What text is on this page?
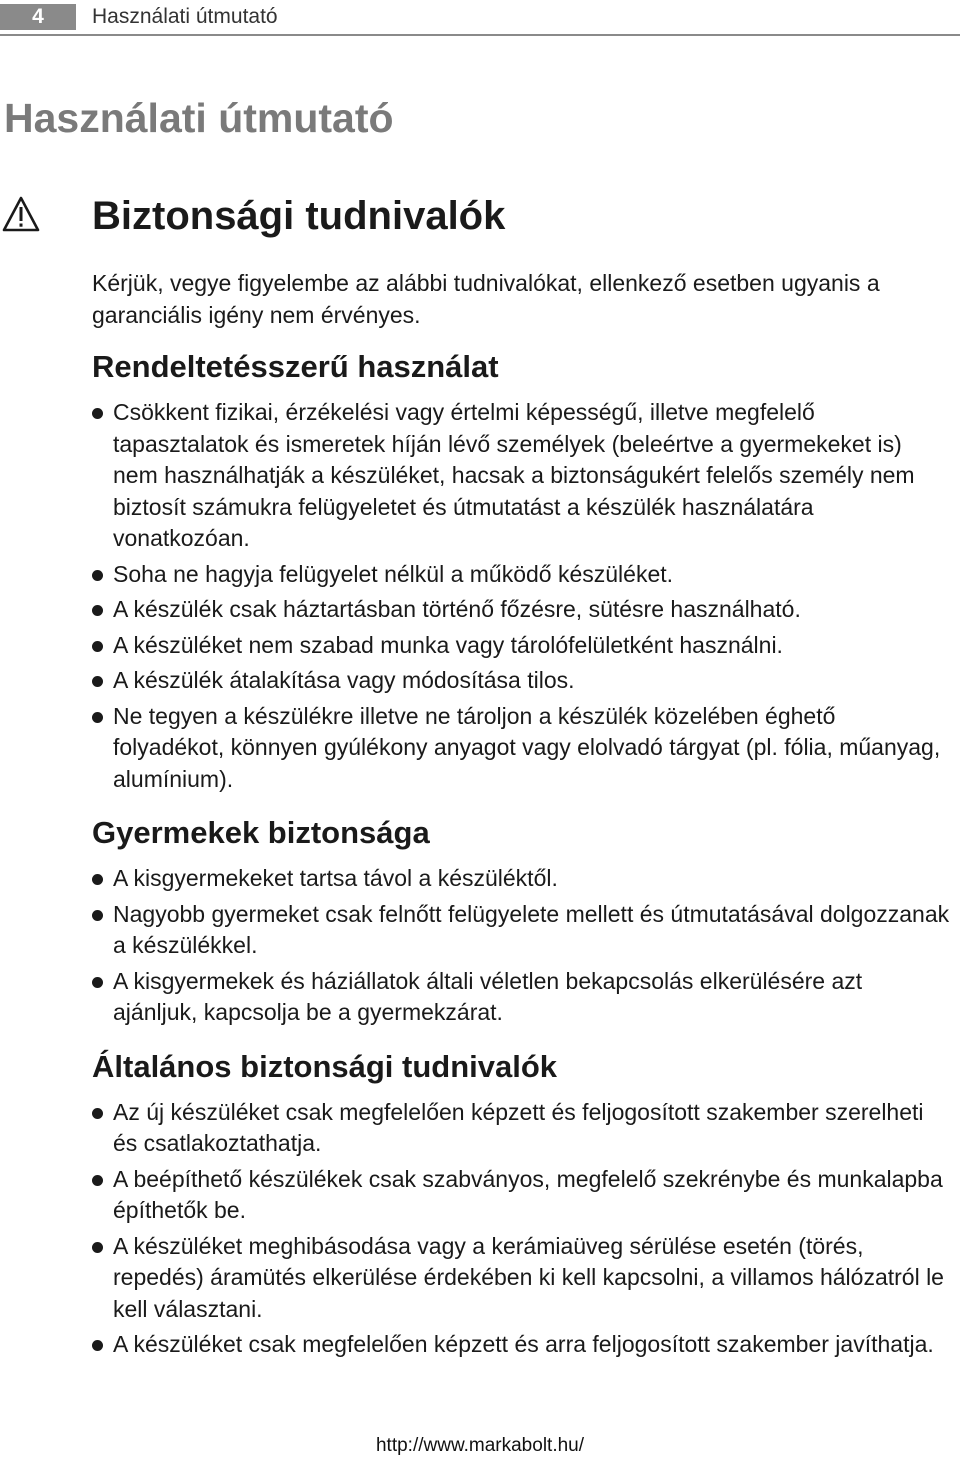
4	Használati útmutató
Használati útmutató
Biztonsági tudnivalók

Kérjük, vegye figyelembe az alábbi tudnivalókat, ellenkező esetben ugyanis a garanciális igény nem érvényes.

Rendeltetésszerű használat
Csökkent fizikai, érzékelési vagy értelmi képességű, illetve megfelelő tapasztalatok és ismeretek híján lévő személyek (beleértve a gyermekeket is) nem használhatják a készüléket, hacsak a biztonságukért felelős személy nem biztosít számukra felügyeletet és útmutatást a készülék használatára vonatkozóan.
Soha ne hagyja felügyelet nélkül a működő készüléket.
A készülék csak háztartásban történő főzésre, sütésre használható.
A készüléket nem szabad munka vagy tárolófelületként használni.
A készülék átalakítása vagy módosítása tilos.
Ne tegyen a készülékre illetve ne tároljon a készülék közelében éghető folyadékot, könnyen gyúlékony anyagot vagy elolvadó tárgyat (pl. fólia, műanyag, alumínium).
Gyermekek biztonsága
A kisgyermekeket tartsa távol a készüléktől.
Nagyobb gyermeket csak felnőtt felügyelete mellett és útmutatásával dolgozzanak a készülékkel.
A kisgyermekek és háziállatok általi véletlen bekapcsolás elkerülésére azt ajánljuk, kapcsolja be a gyermekzárat.
Általános biztonsági tudnivalók
Az új készüléket csak megfelelően képzett és feljogosított szakember szerelheti és csatlakoztathatja.
A beépíthető készülékek csak szabványos, megfelelő szekrénybe és munkalapba építhetők be.
A készüléket meghibásodása vagy a kerámiaüveg sérülése esetén (törés, repedés) áramütés elkerülése érdekében ki kell kapcsolni, a villamos hálózatról le kell választani.
A készüléket csak megfelelően képzett és arra feljogosított szakember javíthatja.
http://www.markabolt.hu/
